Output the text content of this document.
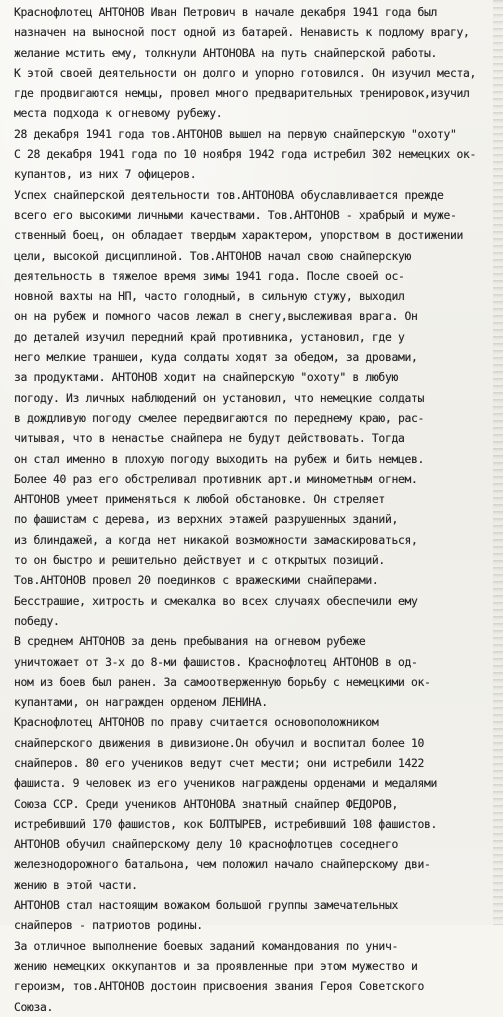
Краснофлотец АНТОНОВ Иван Петрович в начале декабря 1941 года был
назначен на выносной пост одной из батарей. Ненависть к подлому врагу,
желание мстить ему, толкнули АНТОНОВА на путь снайперской работы.
К этой своей деятельности он долго и упорно готовился. Он изучил места,
где продвигаются немцы, провел много предварительных тренировок,изучил
места подхода к огневому рубежу.
28 декабря 1941 года тов.АНТОНОВ вышел на первую снайперскую "охоту"
С 28 декабря 1941 года по 10 ноября 1942 года истребил 302 немецких ок-
купантов, из них 7 офицеров.
Успех снайперской деятельности тов.АНТОНОВА обуславливается прежде
всего его высокими личными качествами. Тов.АНТОНОВ - храбрый и муже-
ственный боец, он обладает твердым характером, упорством в достижении
цели, высокой дисциплиной. Тов.АНТОНОВ начал свою снайперскую
деятельность в тяжелое время зимы 1941 года. После своей ос-
новной вахты на НП, часто голодный, в сильную стужу, выходил
он на рубеж и помного часов лежал в снегу,выслеживая врага. Он
до деталей изучил передний край противника, установил, где у
него мелкие траншеи, куда солдаты ходят за обедом, за дровами,
за продуктами. АНТОНОВ ходит на снайперскую "охоту" в любую
погоду. Из личных наблюдений он установил, что немецкие солдаты
в дождливую погоду смелее передвигаются по переднему краю, рас-
читывая, что в ненастье снайпера не будут действовать. Тогда
он стал именно в плохую погоду выходить на рубеж и бить немцев.
Более 40 раз его обстреливал противник арт.и минометным огнем.
АНТОНОВ умеет применяться к любой обстановке. Он стреляет
по фашистам с дерева, из верхних этажей разрушенных зданий,
из блиндажей, а когда нет никакой возможности замаскироваться,
то он быстро и решительно действует и с открытых позиций.
Тов.АНТОНОВ провел 20 поединков с вражескими снайперами.
Бесстрашие, хитрость и смекалка во всех случаях обеспечили ему
победу.
В среднем АНТОНОВ за день пребывания на огневом рубеже
уничтожает от 3-х до 8-ми фашистов. Краснофлотец АНТОНОВ в од-
ном из боев был ранен. За самоотверженную борьбу с немецкими ок-
купантами, он награжден орденом ЛЕНИНА.
Краснофлотец АНТОНОВ по праву считается основоположником
снайперского движения в дивизионе.Он обучил и воспитал более 10
снайперов. 80 его учеников ведут счет мести; они истребили 1422
фашиста. 9 человек из его учеников награждены орденами и медалями
Союза ССР. Среди учеников АНТОНОВА знатный снайпер ФЕДОРОВ,
истребивший 170 фашистов, кок БОЛТЫРЕВ, истребивший 108 фашистов.
АНТОНОВ обучил снайперскому делу 10 краснофлотцев соседнего
железнодорожного батальона, чем положил начало снайперскому дви-
жению в этой части.
АНТОНОВ стал настоящим вожаком большой группы замечательных
снайперов - патриотов родины.
За отличное выполнение боевых заданий командования по унич-
жению немецких оккупантов и за проявленные при этом мужество и
героизм, тов.АНТОНОВ достоин присвоения звания Героя Советского
Союза.
